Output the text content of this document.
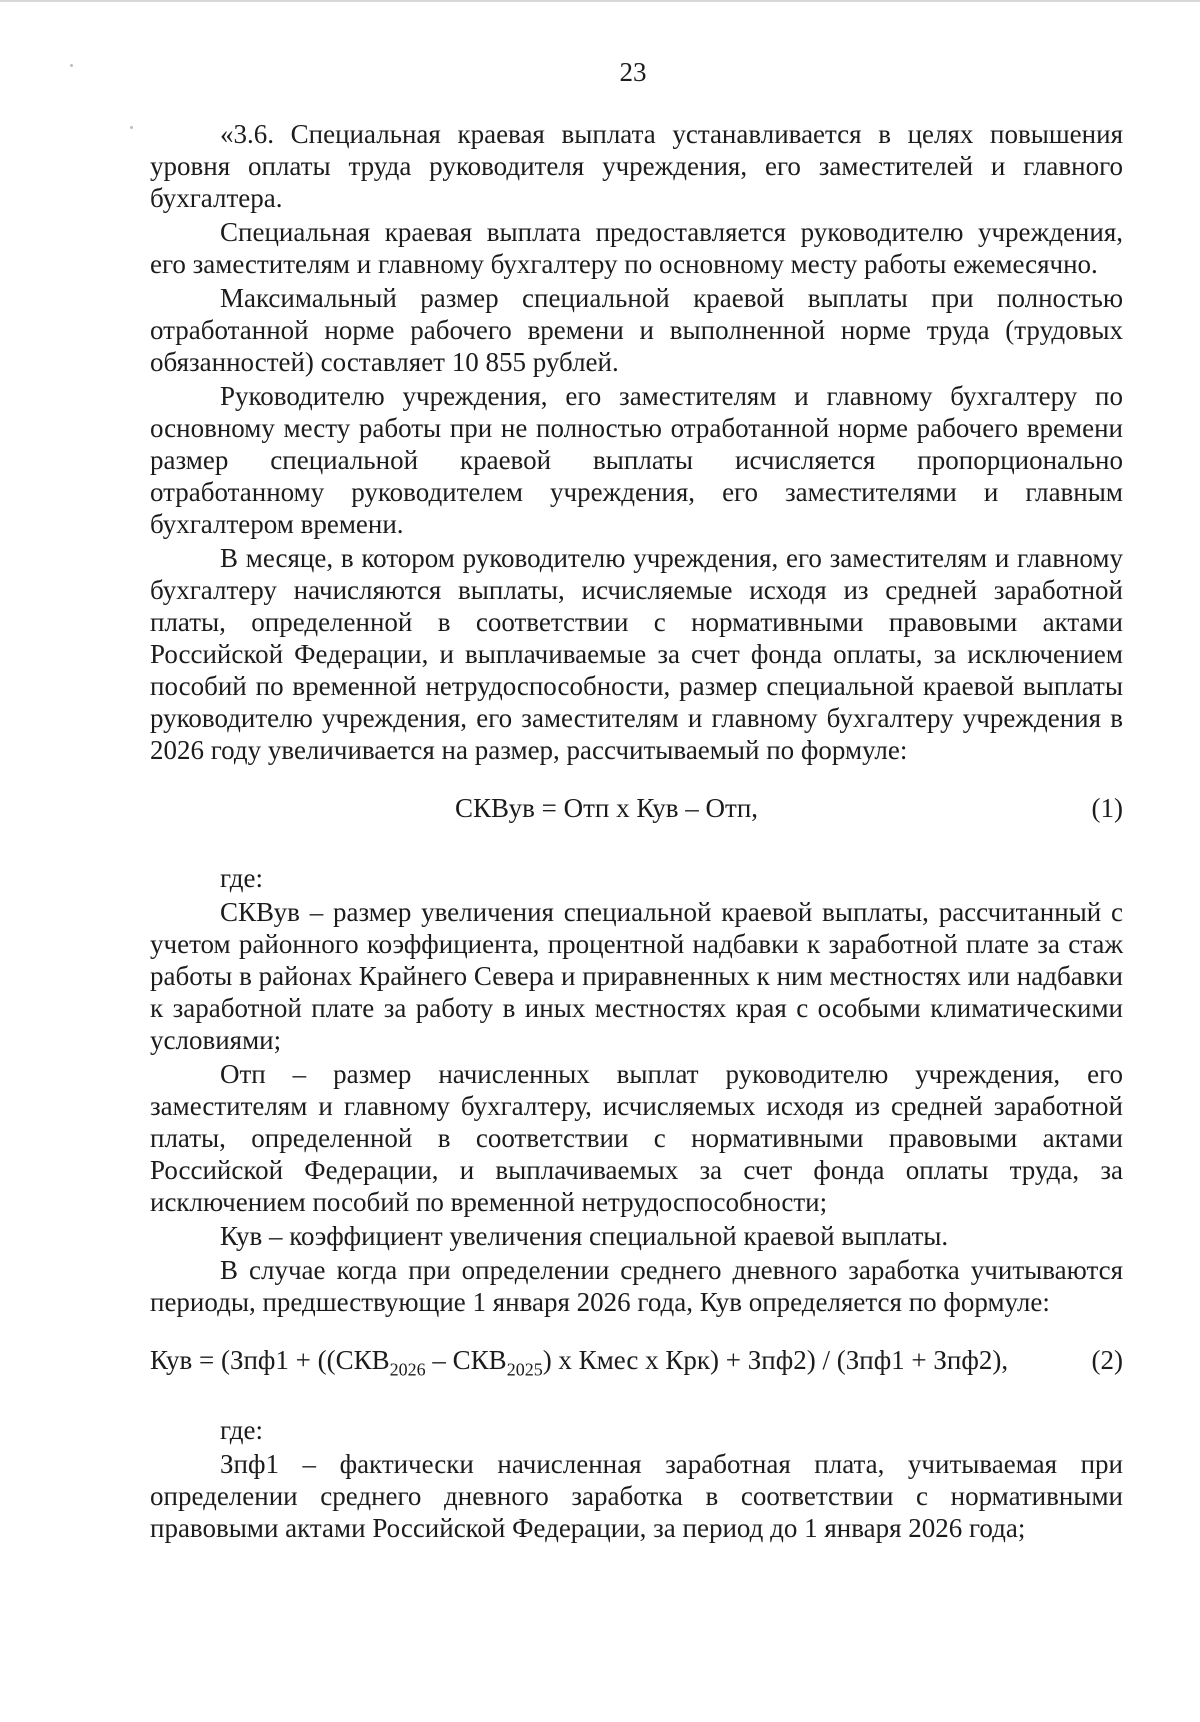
23

«3.6. Специальная краевая выплата устанавливается в целях повышения уровня оплаты труда руководителя учреждения, его заместителей и главного бухгалтера.

Специальная краевая выплата предоставляется руководителю учреждения, его заместителям и главному бухгалтеру по основному месту работы ежемесячно.

Максимальный размер специальной краевой выплаты при полностью отработанной норме рабочего времени и выполненной норме труда (трудовых обязанностей) составляет 10 855 рублей.

Руководителю учреждения, его заместителям и главному бухгалтеру по основному месту работы при не полностью отработанной норме рабочего времени размер специальной краевой выплаты исчисляется пропорционально отработанному руководителем учреждения, его заместителями и главным бухгалтером времени.

В месяце, в котором руководителю учреждения, его заместителям и главному бухгалтеру начисляются выплаты, исчисляемые исходя из средней заработной платы, определенной в соответствии с нормативными правовыми актами Российской Федерации, и выплачиваемые за счет фонда оплаты, за исключением пособий по временной нетрудоспособности, размер специальной краевой выплаты руководителю учреждения, его заместителям и главному бухгалтеру учреждения в 2026 году увеличивается на размер, рассчитываемый по формуле:

СКВув = Отп х Кув – Отп,	(1)

где:

СКВув – размер увеличения специальной краевой выплаты, рассчитанный с учетом районного коэффициента, процентной надбавки к заработной плате за стаж работы в районах Крайнего Севера и приравненных к ним местностях или надбавки к заработной плате за работу в иных местностях края с особыми климатическими условиями;

Отп – размер начисленных выплат руководителю учреждения, его заместителям и главному бухгалтеру, исчисляемых исходя из средней заработной платы, определенной в соответствии с нормативными правовыми актами Российской Федерации, и выплачиваемых за счет фонда оплаты труда, за исключением пособий по временной нетрудоспособности;

Кув – коэффициент увеличения специальной краевой выплаты.

В случае когда при определении среднего дневного заработка учитываются периоды, предшествующие 1 января 2026 года, Кув определяется по формуле:

Кув = ($Зпф1 + ((СКВ_{2026} - СКВ_{2025})$ х Кмес х Крк) + Зпф2) / (Зпф1 + Зпф2),	(2)

где:

Зпф1 – фактически начисленная заработная плата, учитываемая при определении среднего дневного заработка в соответствии с нормативными правовыми актами Российской Федерации, за период до 1 января 2026 года;
